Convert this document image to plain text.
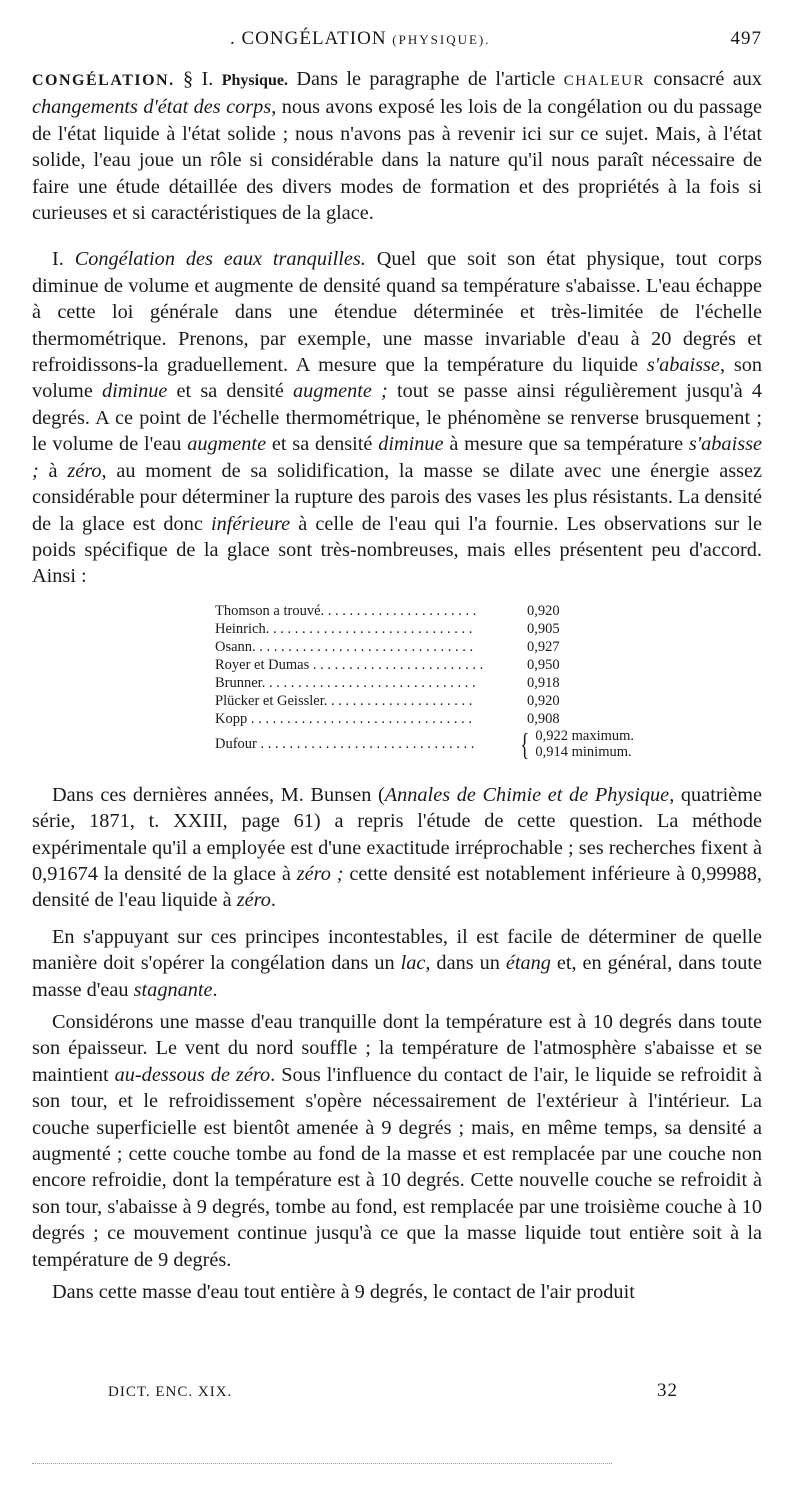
. CONGÉLATION (PHYSIQUE).	497

CONGÉLATION. § I. Physique. Dans le paragraphe de l'article CHALEUR consacré aux changements d'état des corps, nous avons exposé les lois de la congélation ou du passage de l'état liquide à l'état solide ; nous n'avons pas à revenir ici sur ce sujet. Mais, à l'état solide, l'eau joue un rôle si considérable dans la nature qu'il nous paraît nécessaire de faire une étude détaillée des divers modes de formation et des propriétés à la fois si curieuses et si caractéristiques de la glace.

I. Congélation des eaux tranquilles. Quel que soit son état physique, tout corps diminue de volume et augmente de densité quand sa température s'abaisse. L'eau échappe à cette loi générale dans une étendue déterminée et très-limitée de l'échelle thermométrique. Prenons, par exemple, une masse invariable d'eau à 20 degrés et refroidissons-la graduellement. A mesure que la température du liquide s'abaisse, son volume diminue et sa densité augmente ; tout se passe ainsi régulièrement jusqu'à 4 degrés. A ce point de l'échelle thermométrique, le phénomène se renverse brusquement ; le volume de l'eau augmente et sa densité diminue à mesure que sa température s'abaisse ; à zéro, au moment de sa solidification, la masse se dilate avec une énergie assez considérable pour déterminer la rupture des parois des vases les plus résistants. La densité de la glace est donc inférieure à celle de l'eau qui l'a fournie. Les observations sur le poids spécifique de la glace sont très-nombreuses, mais elles présentent peu d'accord. Ainsi :

Thomson a trouvé. . . . . . . . . . . . . . . . . . . . . .	0,920
Heinrich. . . . . . . . . . . . . . . . . . . . . . . . . . . . .	0,905
Osann. . . . . . . . . . . . . . . . . . . . . . . . . . . . . . .	0,927
Royer et Dumas . . . . . . . . . . . . . . . . . . . . . . . .	0,950
Brunner. . . . . . . . . . . . . . . . . . . . . . . . . . . . . .	0,918
Plücker et Geissler. . . . . . . . . . . . . . . . . . . . .	0,920
Kopp . . . . . . . . . . . . . . . . . . . . . . . . . . . . . . .	0,908
Dufour . . . . . . . . . . . . . . . . . . . . . . . . . . . . . .	{ 0,922 maximum.
0,914 minimum.

Dans ces dernières années, M. Bunsen (Annales de Chimie et de Physique, quatrième série, 1871, t. XXIII, page 61) a repris l'étude de cette question. La méthode expérimentale qu'il a employée est d'une exactitude irréprochable ; ses recherches fixent à 0,91674 la densité de la glace à zéro ; cette densité est notablement inférieure à 0,99988, densité de l'eau liquide à zéro.

En s'appuyant sur ces principes incontestables, il est facile de déterminer de quelle manière doit s'opérer la congélation dans un lac, dans un étang et, en général, dans toute masse d'eau stagnante.

Considérons une masse d'eau tranquille dont la température est à 10 degrés dans toute son épaisseur. Le vent du nord souffle ; la température de l'atmosphère s'abaisse et se maintient au-dessous de zéro. Sous l'influence du contact de l'air, le liquide se refroidit à son tour, et le refroidissement s'opère nécessairement de l'extérieur à l'intérieur. La couche superficielle est bientôt amenée à 9 degrés ; mais, en même temps, sa densité a augmenté ; cette couche tombe au fond de la masse et est remplacée par une couche non encore refroidie, dont la température est à 10 degrés. Cette nouvelle couche se refroidit à son tour, s'abaisse à 9 degrés, tombe au fond, est remplacée par une troisième couche à 10 degrés ; ce mouvement continue jusqu'à ce que la masse liquide tout entière soit à la température de 9 degrés.

Dans cette masse d'eau tout entière à 9 degrés, le contact de l'air produit

DICT. ENC. XIX.	32
